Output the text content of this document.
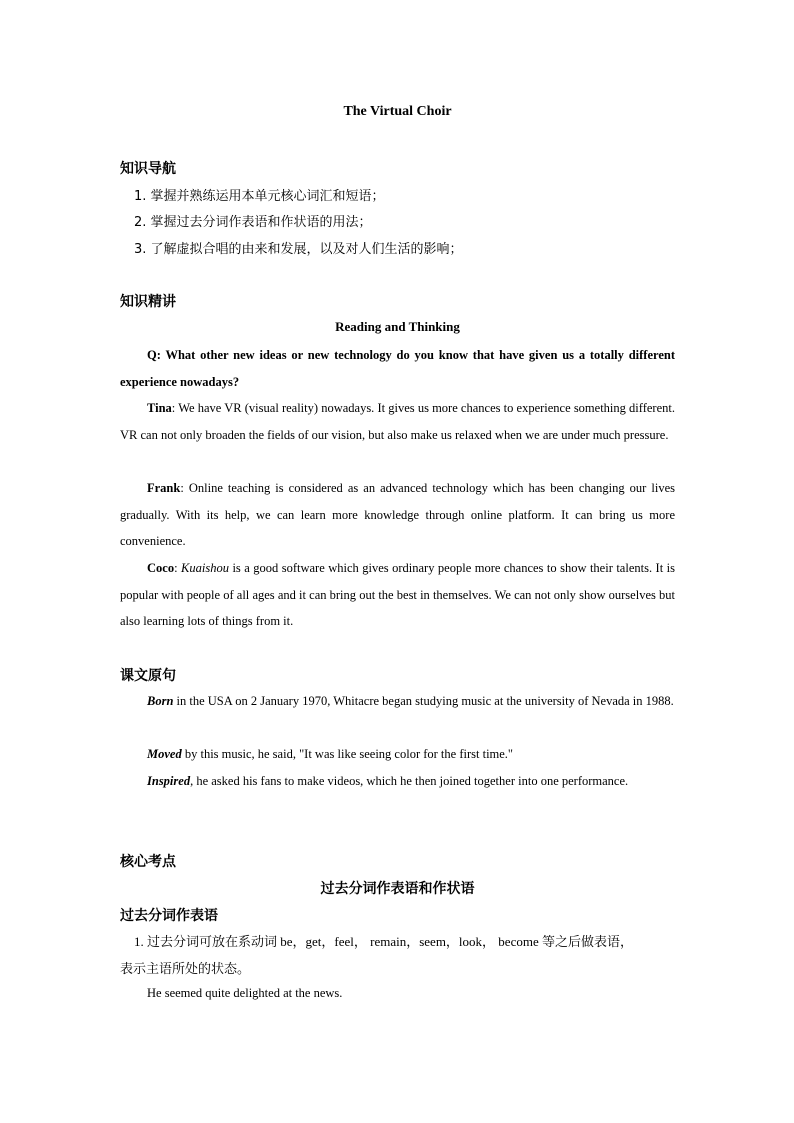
The Virtual Choir
知识导航
1. 掌握并熟练运用本单元核心词汇和短语；
2. 掌握过去分词作表语和作状语的用法；
3. 了解虚拟合唱的由来和发展，以及对人们生活的影响；
知识精讲
Reading and Thinking
Q: What other new ideas or new technology do you know that have given us a totally different experience nowadays?
Tina: We have VR (visual reality) nowadays. It gives us more chances to experience something different. VR can not only broaden the fields of our vision, but also make us relaxed when we are under much pressure.
Frank: Online teaching is considered as an advanced technology which has been changing our lives gradually. With its help, we can learn more knowledge through online platform. It can bring us more convenience.
Coco: Kuaishou is a good software which gives ordinary people more chances to show their talents. It is popular with people of all ages and it can bring out the best in themselves. We can not only show ourselves but also learning lots of things from it.
课文原句
Born in the USA on 2 January 1970, Whitacre began studying music at the university of Nevada in 1988.
Moved by this music, he said, "It was like seeing color for the first time."
Inspired, he asked his fans to make videos, which he then joined together into one performance.
核心考点
过去分词作表语和作状语
过去分词作表语
1. 过去分词可放在系动词 be，get，feel， remain，seem，look， become 等之后做表语，
表示主语所处的状态。
He seemed quite delighted at the news.
